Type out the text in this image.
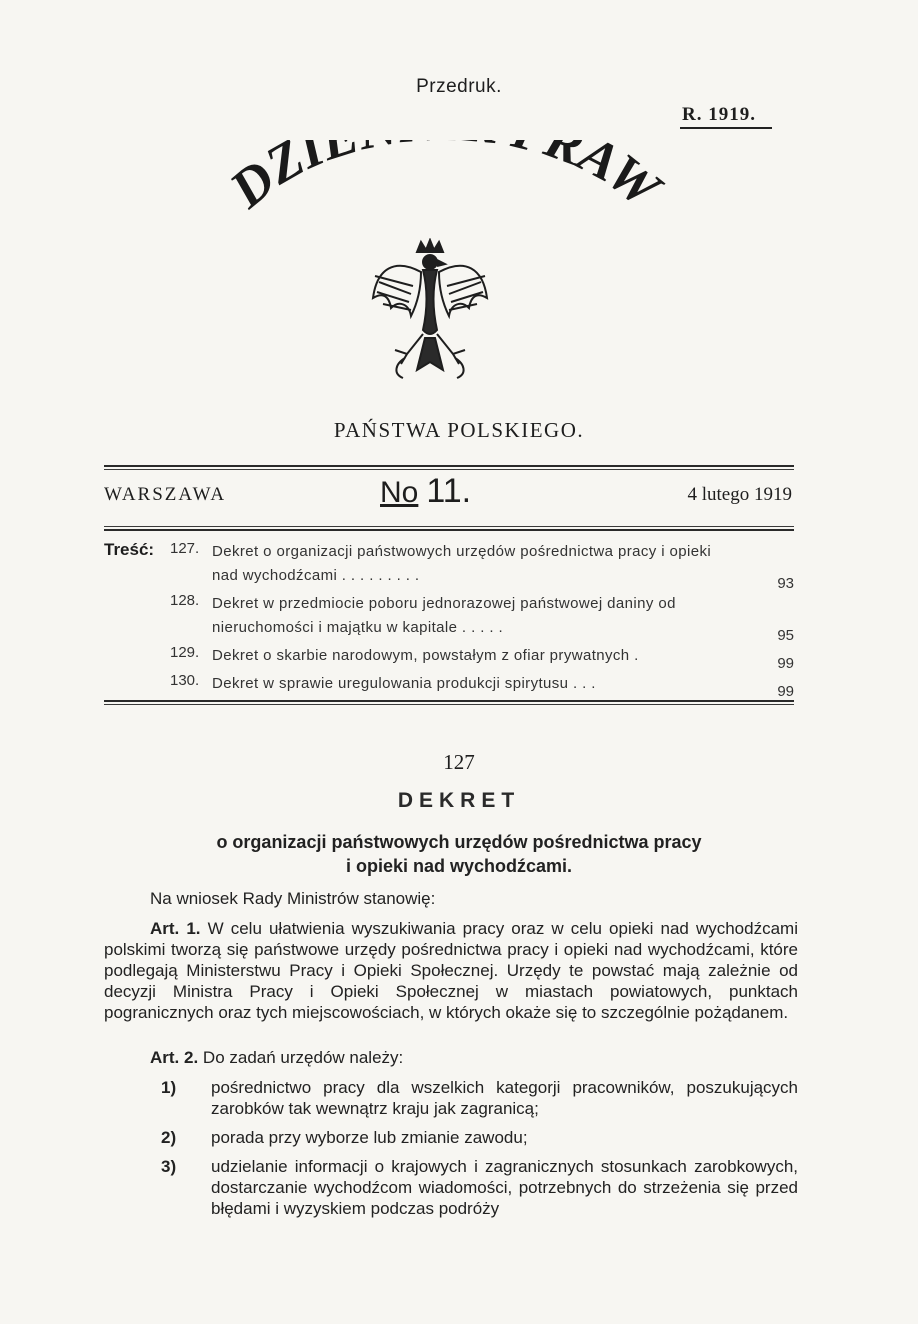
Przedruk.
R. 1919.
DZI RAW
PAŃSTWA POLSKIEGO.
WARSZAWA	No 11.	4 lutego 1919
Treść:	127. Dekret o organizacji państwowych urzędów pośrednictwa pracy i opieki nad wychodźcami . . . . . . . . .	93
128. Dekret w przedmiocie poboru jednorazowej państwowej daniny od nieruchomości i majątku w kapitale . . . . .	95
129. Dekret o skarbie narodowym, powstałym z ofiar prywatnych .	99
130. Dekret w sprawie uregulowania produkcji spirytusu . . .	99
127
DEKRET
o organizacji państwowych urzędów pośrednictwa pracy
i opieki nad wychodźcami.
Na wniosek Rady Ministrów stanowię:
Art. 1. W celu ułatwienia wyszukiwania pracy oraz w celu opieki nad wychodźcami polskimi tworzą się państwowe urzędy pośrednictwa pracy i opieki nad wychodźcami, które podlegają Ministerstwu Pracy i Opieki Społecznej. Urzędy te powstać mają zależnie od decyzji Ministra Pracy i Opieki Społecznej w miastach powiatowych, punktach pogranicznych oraz tych miejscowościach, w których okaże się to szczególnie pożądanem.
Art. 2. Do zadań urzędów należy:
1)	pośrednictwo pracy dla wszelkich kategorji pracowników, poszukujących zarobków tak wewnątrz kraju jak zagranicą;
2)	porada przy wyborze lub zmianie zawodu;
3)	udzielanie informacji o krajowych i zagranicznych stosunkach zarobkowych, dostarczanie wychodźcom wiadomości, potrzebnych do strzeżenia się przed błędami i wyzyskiem podczas podróży
